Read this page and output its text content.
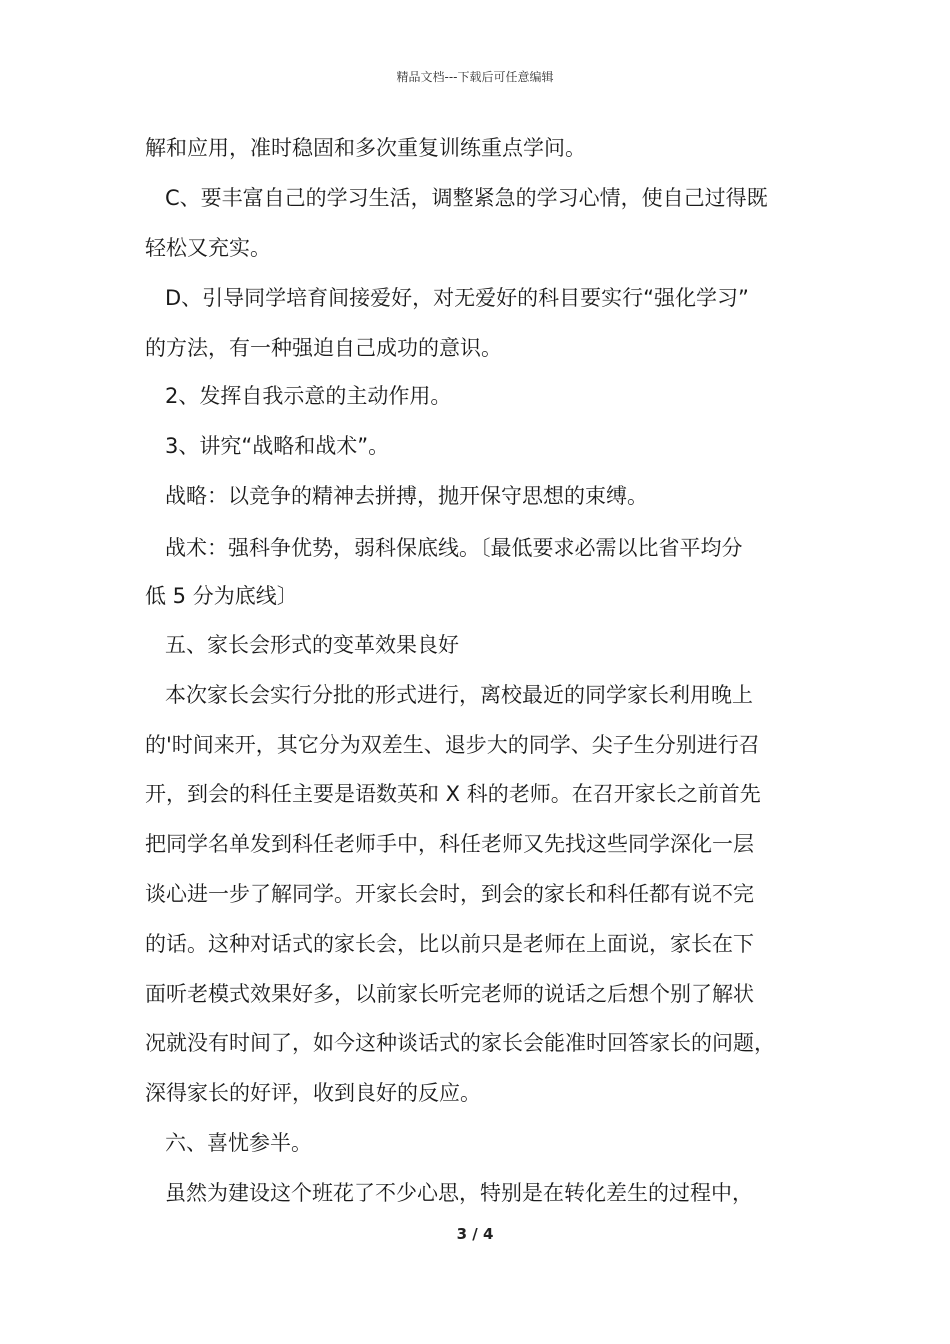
精品文档---下载后可任意编辑
解和应用，准时稳固和多次重复训练重点学问。
C、要丰富自己的学习生活，调整紧急的学习心情，使自己过得既
轻松又充实。
D、引导同学培育间接爱好，对无爱好的科目要实行“强化学习”
的方法，有一种强迫自己成功的意识。
2、发挥自我示意的主动作用。
3、讲究“战略和战术”。
战略：以竞争的精神去拼搏，抛开保守思想的束缚。
战术：强科争优势，弱科保底线。〔最低要求必需以比省平均分
低 5 分为底线〕
五、家长会形式的变革效果良好
本次家长会实行分批的形式进行，离校最近的同学家长利用晚上
的'时间来开，其它分为双差生、退步大的同学、尖子生分别进行召
开，到会的科任主要是语数英和 X 科的老师。在召开家长之前首先
把同学名单发到科任老师手中，科任老师又先找这些同学深化一层
谈心进一步了解同学。开家长会时，到会的家长和科任都有说不完
的话。这种对话式的家长会，比以前只是老师在上面说，家长在下
面听老模式效果好多，以前家长听完老师的说话之后想个别了解状
况就没有时间了，如今这种谈话式的家长会能准时回答家长的问题，
深得家长的好评，收到良好的反应。
六、喜忧参半。
虽然为建设这个班花了不少心思，特别是在转化差生的过程中，
3 / 4
